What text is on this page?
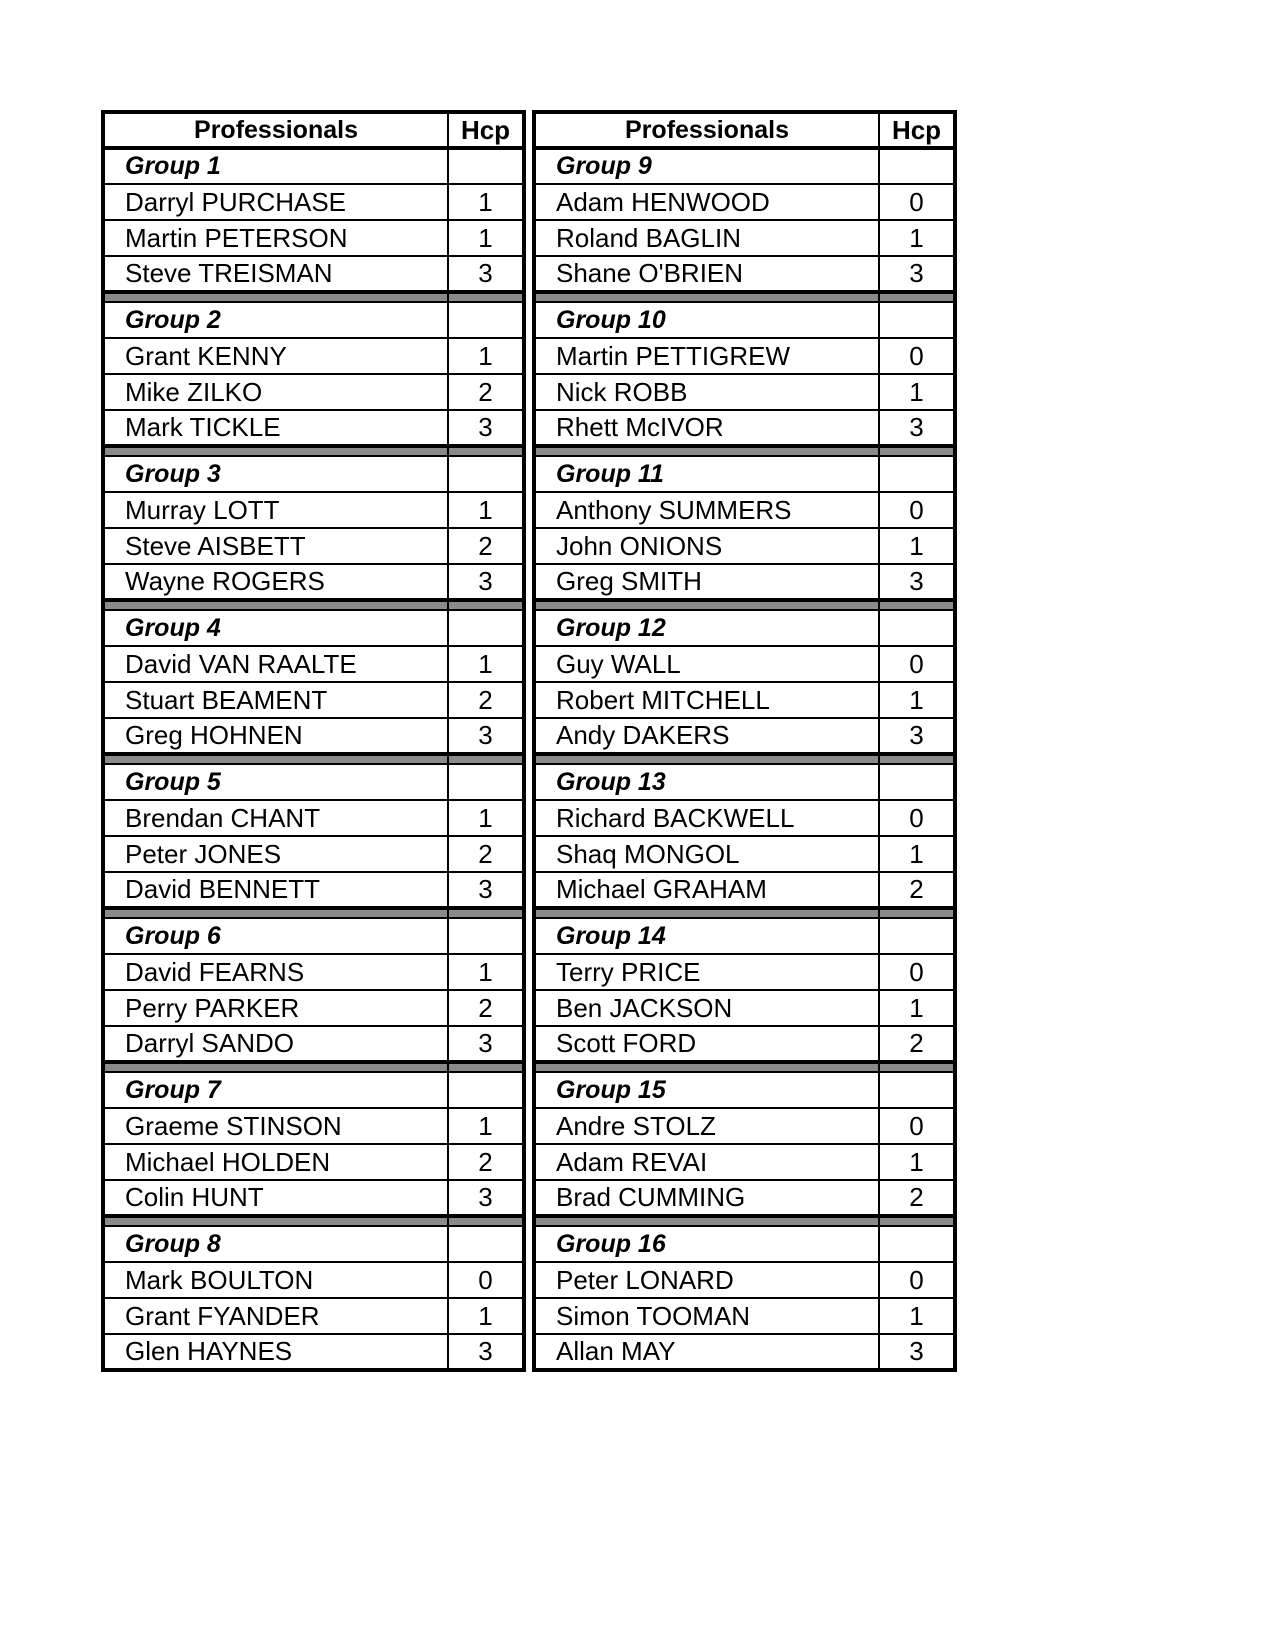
Professionals	Hcp
Group 1	
Darryl PURCHASE	1
Martin PETERSON	1
Steve TREISMAN	3

Group 2	
Grant KENNY	1
Mike ZILKO	2
Mark TICKLE	3

Group 3	
Murray LOTT	1
Steve AISBETT	2
Wayne ROGERS	3

Group 4	
David VAN RAALTE	1
Stuart BEAMENT	2
Greg HOHNEN	3

Group 5	
Brendan CHANT	1
Peter JONES	2
David BENNETT	3

Group 6	
David FEARNS	1
Perry PARKER	2
Darryl SANDO	3

Group 7	
Graeme STINSON	1
Michael HOLDEN	2
Colin HUNT	3

Group 8	
Mark BOULTON	0
Grant FYANDER	1
Glen HAYNES	3
Professionals	Hcp
Group 9	
Adam HENWOOD	0
Roland BAGLIN	1
Shane O'BRIEN	3

Group 10	
Martin PETTIGREW	0
Nick ROBB	1
Rhett McIVOR	3

Group 11	
Anthony SUMMERS	0
John ONIONS	1
Greg SMITH	3

Group 12	
Guy WALL	0
Robert MITCHELL	1
Andy DAKERS	3

Group 13	
Richard BACKWELL	0
Shaq MONGOL	1
Michael GRAHAM	2

Group 14	
Terry PRICE	0
Ben JACKSON	1
Scott FORD	2

Group 15	
Andre STOLZ	0
Adam REVAI	1
Brad CUMMING	2

Group 16	
Peter LONARD	0
Simon TOOMAN	1
Allan MAY	3
